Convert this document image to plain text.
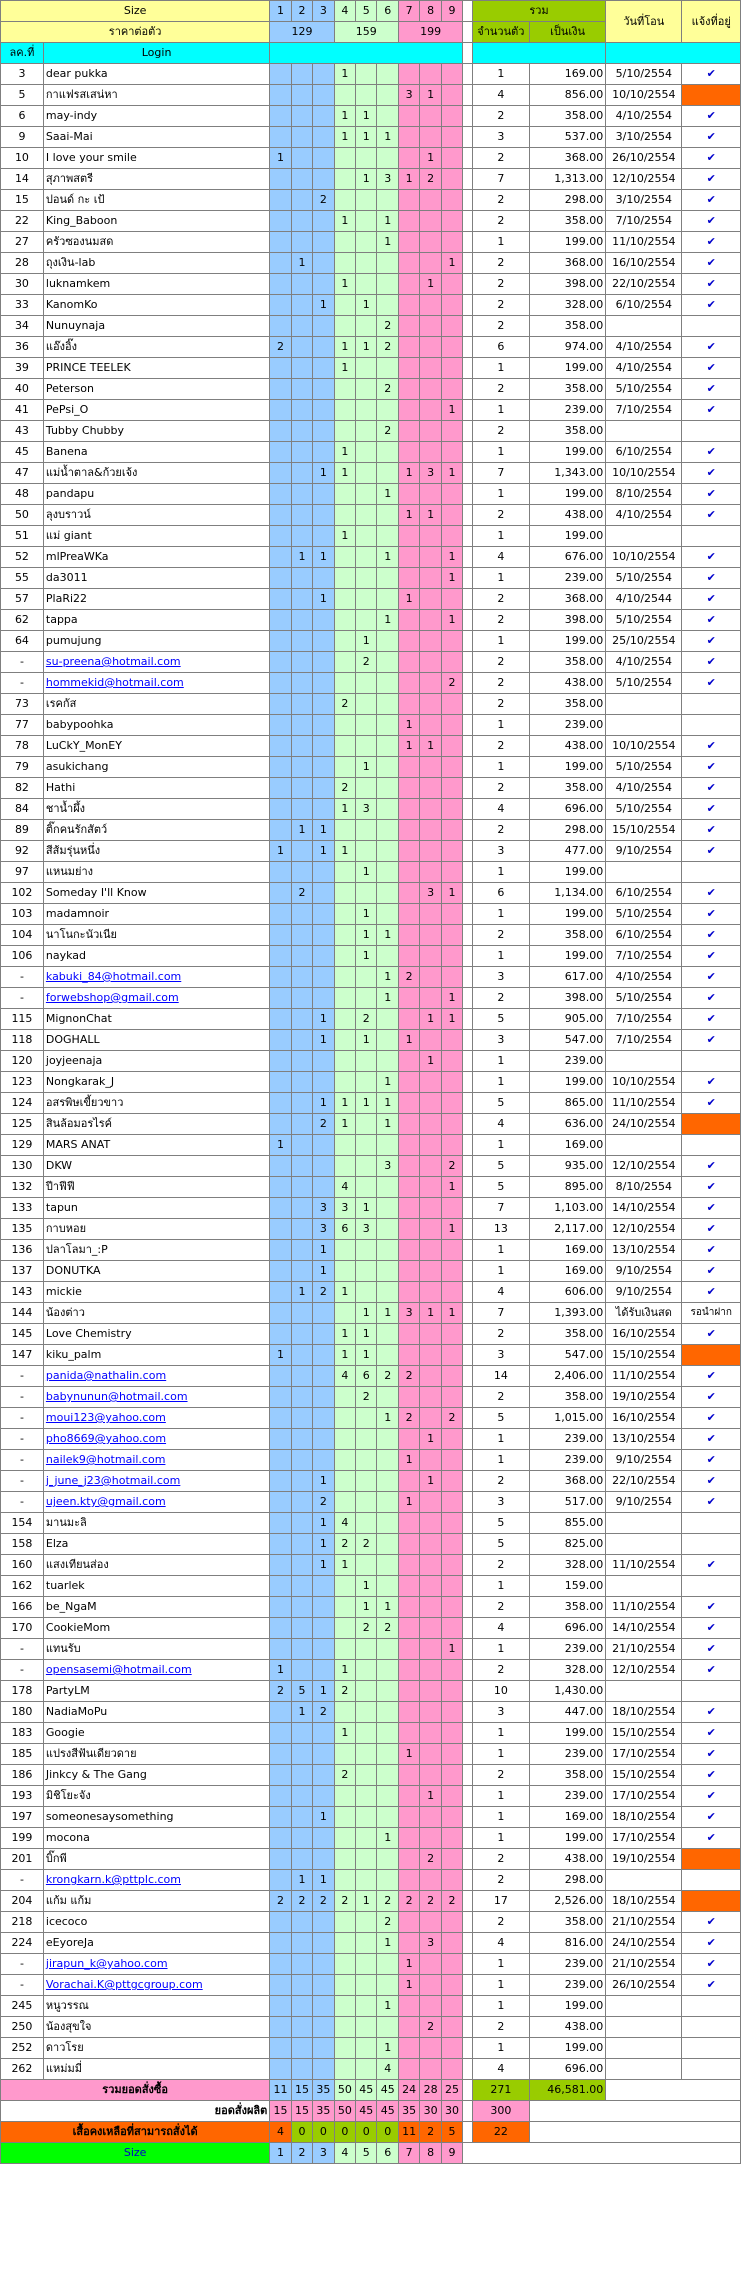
Size		1	2	3	4	5	6	7	8	9		รวม		วันที่โอน	แจ้งที่อยู่
ราคาต่อตัว		129			159			199				จำนวนตัว	เป็นเงิน		
ลค.ที่	Login														
3	dear pukka				1							1	169.00	5/10/2554	✔
5	กาแฟรสเสน่หา							3	1			4	856.00	10/10/2554	
6	may-indy				1	1						2	358.00	4/10/2554	✔
9	Saai-Mai				1	1	1					3	537.00	3/10/2554	✔
10	I love your smile	1							1			2	368.00	26/10/2554	✔
14	สุภาพสตรี					1	3	1	2			7	1,313.00	12/10/2554	✔
15	ปอนด์ กะ เป้			2								2	298.00	3/10/2554	✔
22	King_Baboon				1		1					2	358.00	7/10/2554	✔
27	ครัวซองนมสด						1					1	199.00	11/10/2554	✔
28	ถุงเงิน-lab		1							1		2	368.00	16/10/2554	✔
30	luknamkem				1				1			2	398.00	22/10/2554	✔
33	KanomKo			1		1						2	328.00	6/10/2554	✔
34	Nunuynaja						2					2	358.00		
36	แอ๊งอิ๊ง	2			1	1	2					6	974.00	4/10/2554	✔
39	PRINCE TEELEK				1							1	199.00	4/10/2554	✔
40	Peterson						2					2	358.00	5/10/2554	✔
41	PePsi_O									1		1	239.00	7/10/2554	✔
43	Tubby Chubby						2					2	358.00		
45	Banena				1							1	199.00	6/10/2554	✔
47	แม่น้ำตาล&ก้วยเจ้ง			1	1			1	3	1		7	1,343.00	10/10/2554	✔
48	pandapu						1					1	199.00	8/10/2554	✔
50	ลุงบราวน์							1	1			2	438.00	4/10/2554	✔
51	แม่ giant				1							1	199.00		
52	mlPreaWKa		1	1			1			1		4	676.00	10/10/2554	✔
55	da3011									1		1	239.00	5/10/2554	✔
57	PlaRi22			1				1				2	368.00	4/10/2544	✔
62	tappa						1			1		2	398.00	5/10/2554	✔
64	pumujung					1						1	199.00	25/10/2554	✔
-	su-preena@hotmail.com					2						2	358.00	4/10/2554	✔
-	hommekid@hotmail.com									2		2	438.00	5/10/2554	✔
73	เรคกัส				2							2	358.00		
77	babypoohka							1				1	239.00		
78	LuCkY_MonEY							1	1			2	438.00	10/10/2554	✔
79	asukichang					1						1	199.00	5/10/2554	✔
82	Hathi				2							2	358.00	4/10/2554	✔
84	ชาน้ำผึ้ง				1	3						4	696.00	5/10/2554	✔
89	ติ๊กคนรักสัตว์		1	1								2	298.00	15/10/2554	✔
92	สีส้มรุ่นหนึ่ง	1		1	1							3	477.00	9/10/2554	✔
97	แหนมย่าง					1						1	199.00		
102	Someday I'll Know		2						3	1		6	1,134.00	6/10/2554	✔
103	madamnoir					1						1	199.00	5/10/2554	✔
104	นาโนกะนัวเนีย					1	1					2	358.00	6/10/2554	✔
106	naykad					1						1	199.00	7/10/2554	✔
-	kabuki_84@hotmail.com						1	2				3	617.00	4/10/2554	✔
-	forwebshop@gmail.com						1			1		2	398.00	5/10/2554	✔
115	MignonChat			1		2			1	1		5	905.00	7/10/2554	✔
118	DOGHALL			1		1		1				3	547.00	7/10/2554	✔
120	joyjeenaja								1			1	239.00		
123	Nongkarak_J						1					1	199.00	10/10/2554	✔
124	อสรพิษเขี้ยวขาว			1	1	1	1					5	865.00	11/10/2554	✔
125	สินล้อมอรไรค์			2	1		1					4	636.00	24/10/2554	
129	MARS ANAT	1										1	169.00		
130	DKW						3			2		5	935.00	12/10/2554	✔
132	ปีาฟีฟี				4					1		5	895.00	8/10/2554	✔
133	tapun			3	3	1						7	1,103.00	14/10/2554	✔
135	กาบหอย			3	6	3				1		13	2,117.00	12/10/2554	✔
136	ปลาโลมา_:P			1								1	169.00	13/10/2554	✔
137	DONUTKA			1								1	169.00	9/10/2554	✔
143	mickie		1	2	1							4	606.00	9/10/2554	✔
144	น้องต่าว					1	1	3	1	1		7	1,393.00	ได้รับเงินสด	รอนำฝาก
145	Love Chemistry				1	1						2	358.00	16/10/2554	✔
147	kiku_palm	1			1	1						3	547.00	15/10/2554	
-	panida@nathalin.com				4	6	2	2				14	2,406.00	11/10/2554	✔
-	babynunun@hotmail.com					2						2	358.00	19/10/2554	✔
-	moui123@yahoo.com						1	2		2		5	1,015.00	16/10/2554	✔
-	pho8669@yahoo.com								1			1	239.00	13/10/2554	✔
-	nailek9@hotmail.com							1				1	239.00	9/10/2554	✔
-	j_june_j23@hotmail.com			1					1			2	368.00	22/10/2554	✔
-	ujeen.kty@gmail.com			2				1				3	517.00	9/10/2554	✔
154	มานมะลิ			1	4							5	855.00		
158	Elza			1	2	2						5	825.00		
160	แสงเทียนส่อง			1	1							2	328.00	11/10/2554	✔
162	tuarlek					1						1	159.00		
166	be_NgaM					1	1					2	358.00	11/10/2554	✔
170	CookieMom					2	2					4	696.00	14/10/2554	✔
-	แทนรับ									1		1	239.00	21/10/2554	✔
-	opensasemi@hotmail.com	1			1							2	328.00	12/10/2554	✔
178	PartyLM	2	5	1	2							10	1,430.00		
180	NadiaMoPu		1	2								3	447.00	18/10/2554	✔
183	Googie				1							1	199.00	15/10/2554	✔
185	แปรงสีฟันเดียวดาย							1				1	239.00	17/10/2554	✔
186	Jinkcy & The Gang				2							2	358.00	15/10/2554	✔
193	มิชิโยะจัง								1			1	239.00	17/10/2554	✔
197	someonesaysomething			1								1	169.00	18/10/2554	✔
199	mocona						1					1	199.00	17/10/2554	✔
201	บิ๊กพี								2			2	438.00	19/10/2554	
-	krongkarn.k@pttplc.com		1	1								2	298.00		
204	แก้ม แก้ม	2	2	2	2	1	2	2	2	2		17	2,526.00	18/10/2554	
218	icecoco						2					2	358.00	21/10/2554	✔
224	eEyoreJa						1		3			4	816.00	24/10/2554	✔
-	jirapun_k@yahoo.com							1				1	239.00	21/10/2554	✔
-	Vorachai.K@pttgcgroup.com							1				1	239.00	26/10/2554	✔
245	หนูวรรณ						1					1	199.00		
250	น้องสุขใจ								2			2	438.00		
252	ดาวโรย						1					1	199.00		
262	แหม่มมี่						4					4	696.00		
รวมยอดสั่งซื้อ		11	15	35	50	45	45	24	28	25		271	46,581.00		
ยอดสั่งผลิต		15	15	35	50	45	45	35	30	30		300			
เสื้อคงเหลือที่สามารถสั่งได้		4	0	0	0	0	0	11	2	5		22			
Size		1	2	3	4	5	6	7	8	9					
